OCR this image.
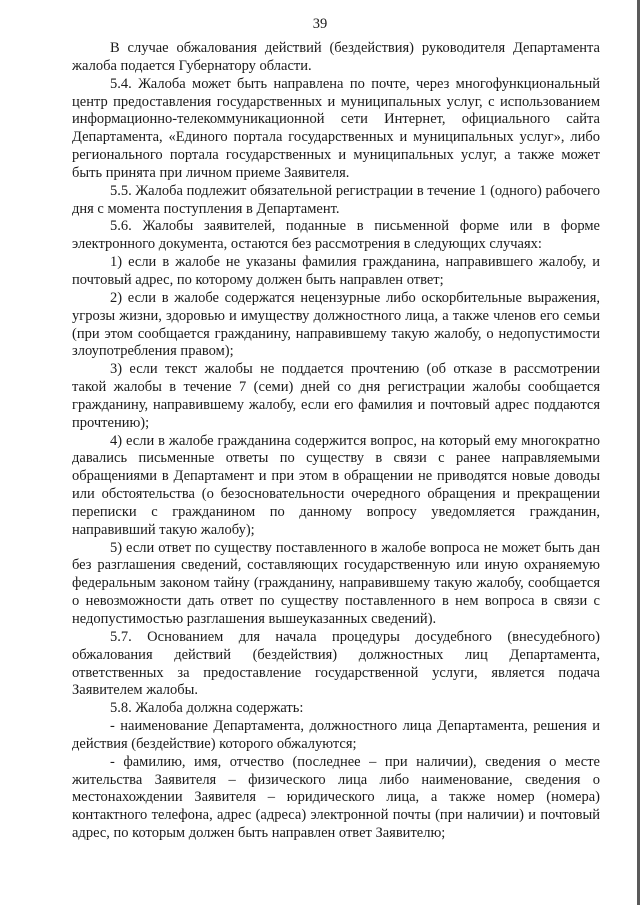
39

В случае обжалования действий (бездействия) руководителя Департамента жалоба подается Губернатору области.

5.4. Жалоба может быть направлена по почте, через многофункциональный центр предоставления государственных и муниципальных услуг, с использованием информационно-телекоммуникационной сети Интернет, официального сайта Департамента, «Единого портала государственных и муниципальных услуг», либо регионального портала государственных и муниципальных услуг, а также может быть принята при личном приеме Заявителя.

5.5. Жалоба подлежит обязательной регистрации в течение 1 (одного) рабочего дня с момента поступления в Департамент.

5.6. Жалобы заявителей, поданные в письменной форме или в форме электронного документа, остаются без рассмотрения в следующих случаях:

1) если в жалобе не указаны фамилия гражданина, направившего жалобу, и почтовый адрес, по которому должен быть направлен ответ;

2) если в жалобе содержатся нецензурные либо оскорбительные выражения, угрозы жизни, здоровью и имуществу должностного лица, а также членов его семьи (при этом сообщается гражданину, направившему такую жалобу, о недопустимости злоупотребления правом);

3) если текст жалобы не поддается прочтению (об отказе в рассмотрении такой жалобы в течение 7 (семи) дней со дня регистрации жалобы сообщается гражданину, направившему жалобу, если его фамилия и почтовый адрес поддаются прочтению);

4) если в жалобе гражданина содержится вопрос, на который ему многократно давались письменные ответы по существу в связи с ранее направляемыми обращениями в Департамент и при этом в обращении не приводятся новые доводы или обстоятельства (о безосновательности очередного обращения и прекращении переписки с гражданином по данному вопросу уведомляется гражданин, направивший такую жалобу);

5) если ответ по существу поставленного в жалобе вопроса не может быть дан без разглашения сведений, составляющих государственную или иную охраняемую федеральным законом тайну (гражданину, направившему такую жалобу, сообщается о невозможности дать ответ по существу поставленного в нем вопроса в связи с недопустимостью разглашения вышеуказанных сведений).

5.7. Основанием для начала процедуры досудебного (внесудебного) обжалования действий (бездействия) должностных лиц Департамента, ответственных за предоставление государственной услуги, является подача Заявителем жалобы.

5.8. Жалоба должна содержать:

- наименование Департамента, должностного лица Департамента, решения и действия (бездействие) которого обжалуются;

- фамилию, имя, отчество (последнее – при наличии), сведения о месте жительства Заявителя – физического лица либо наименование, сведения о местонахождении Заявителя – юридического лица, а также номер (номера) контактного телефона, адрес (адреса) электронной почты (при наличии) и почтовый адрес, по которым должен быть направлен ответ Заявителю;
